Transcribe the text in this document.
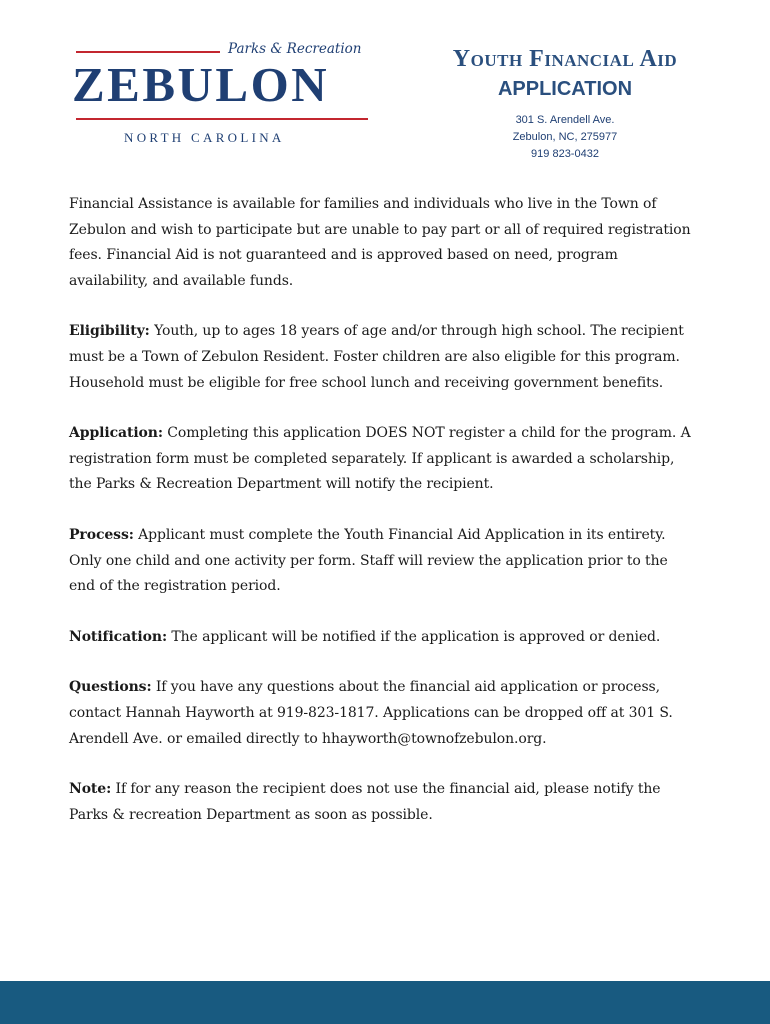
Parks & Recreation
ZEBULON
NORTH CAROLINA
Youth Financial Aid
APPLICATION
301 S. Arendell Ave.
Zebulon, NC, 275977
919 823-0432

Financial Assistance is available for families and individuals who live in the Town of Zebulon and wish to participate but are unable to pay part or all of required registration fees. Financial Aid is not guaranteed and is approved based on need, program availability, and available funds.

Eligibility: Youth, up to ages 18 years of age and/or through high school. The recipient must be a Town of Zebulon Resident. Foster children are also eligible for this program. Household must be eligible for free school lunch and receiving government benefits.

Application: Completing this application DOES NOT register a child for the program. A registration form must be completed separately. If applicant is awarded a scholarship, the Parks & Recreation Department will notify the recipient.

Process: Applicant must complete the Youth Financial Aid Application in its entirety. Only one child and one activity per form. Staff will review the application prior to the end of the registration period.

Notification: The applicant will be notified if the application is approved or denied.

Questions: If you have any questions about the financial aid application or process, contact Hannah Hayworth at 919-823-1817. Applications can be dropped off at 301 S. Arendell Ave. or emailed directly to hhayworth@townofzebulon.org.

Note: If for any reason the recipient does not use the financial aid, please notify the Parks & recreation Department as soon as possible.
